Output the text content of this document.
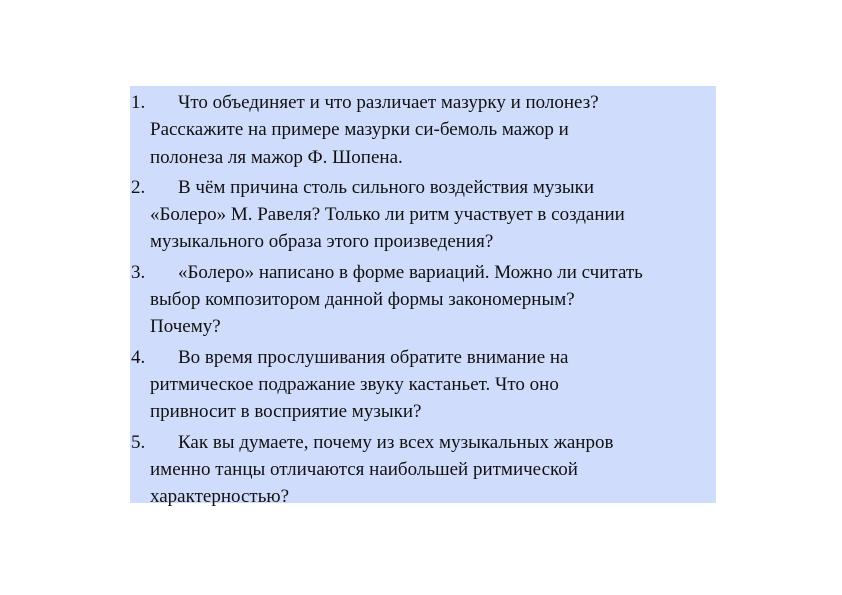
1.	Что объединяет и что различает мазурку и полонез?
Расскажите на примере мазурки си-бемоль мажор и
полонеза ля мажор Ф. Шопена.
2.	В чём причина столь сильного воздействия музыки
«Болеро» М. Равеля? Только ли ритм участвует в создании
музыкального образа этого произведения?
3.	«Болеро» написано в форме вариаций. Можно ли считать
выбор композитором данной формы закономерным?
Почему?
4.	Во время прослушивания обратите внимание на
ритмическое подражание звуку кастаньет. Что оно
привносит в восприятие музыки?
5.	Как вы думаете, почему из всех музыкальных жанров
именно танцы отличаются наибольшей ритмической
характерностью?
